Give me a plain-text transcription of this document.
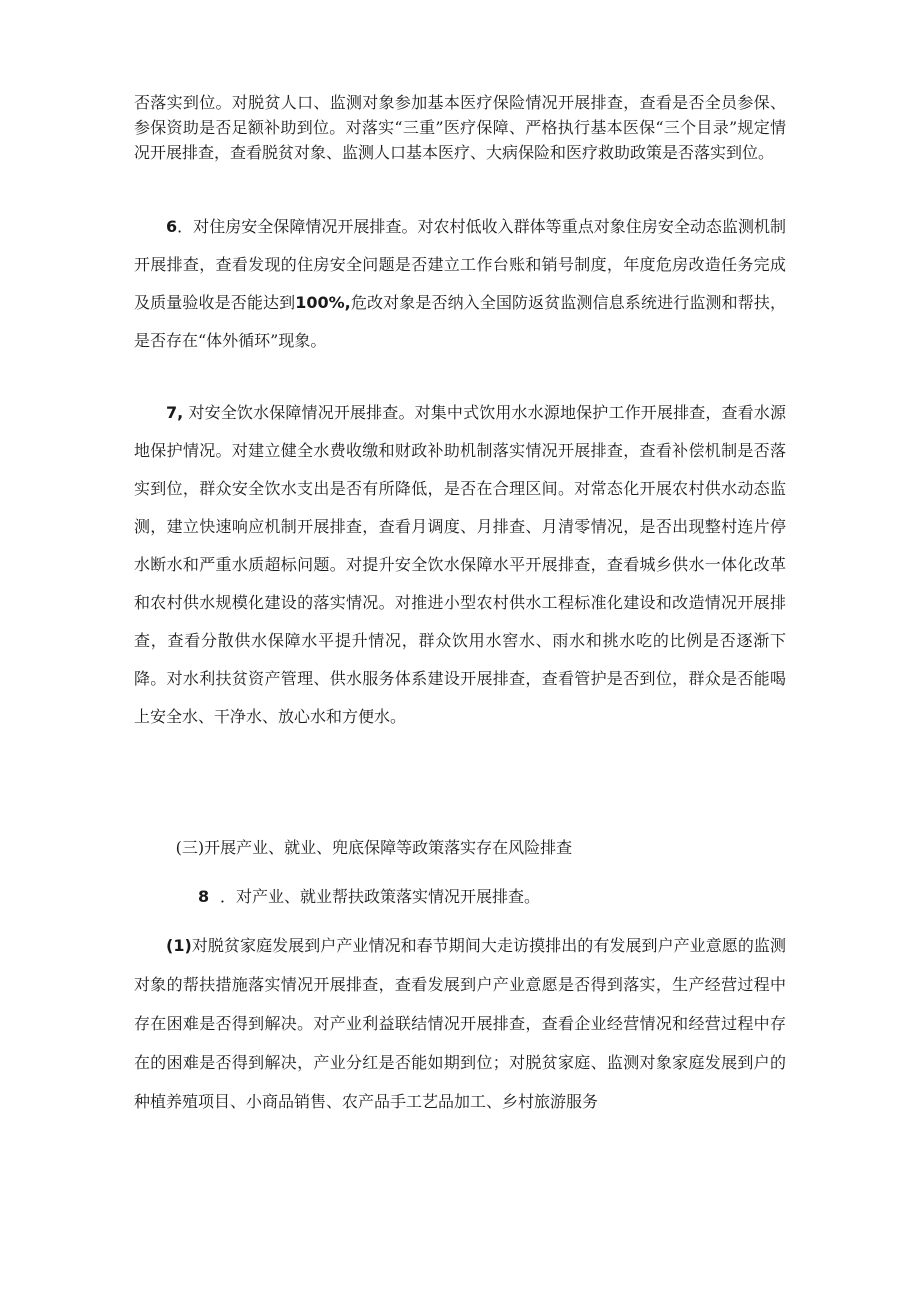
否落实到位。对脱贫人口、监测对象参加基本医疗保险情况开展排查，查看是否全员参保、参保资助是否足额补助到位。对落实“三重”医疗保障、严格执行基本医保“三个目录”规定情况开展排查，查看脱贫对象、监测人口基本医疗、大病保险和医疗救助政策是否落实到位。

6．对住房安全保障情况开展排查。对农村低收入群体等重点对象住房安全动态监测机制开展排查，查看发现的住房安全问题是否建立工作台账和销号制度，年度危房改造任务完成及质量验收是否能达到100%,危改对象是否纳入全国防返贫监测信息系统进行监测和帮扶，是否存在“体外循环”现象。

7, 对安全饮水保障情况开展排查。对集中式饮用水水源地保护工作开展排查，查看水源地保护情况。对建立健全水费收缴和财政补助机制落实情况开展排查，查看补偿机制是否落实到位，群众安全饮水支出是否有所降低，是否在合理区间。对常态化开展农村供水动态监测，建立快速响应机制开展排查，查看月调度、月排查、月清零情况，是否出现整村连片停水断水和严重水质超标问题。对提升安全饮水保障水平开展排查，查看城乡供水一体化改革和农村供水规模化建设的落实情况。对推进小型农村供水工程标准化建设和改造情况开展排查，查看分散供水保障水平提升情况，群众饮用水窖水、雨水和挑水吃的比例是否逐渐下降。对水利扶贫资产管理、供水服务体系建设开展排查，查看管护是否到位，群众是否能喝上安全水、干净水、放心水和方便水。

(三)开展产业、就业、兜底保障等政策落实存在风险排查

8 ．对产业、就业帮扶政策落实情况开展排查。

(1)对脱贫家庭发展到户产业情况和春节期间大走访摸排出的有发展到户产业意愿的监测对象的帮扶措施落实情况开展排查，查看发展到户产业意愿是否得到落实，生产经营过程中存在困难是否得到解决。对产业利益联结情况开展排查，查看企业经营情况和经营过程中存在的困难是否得到解决，产业分红是否能如期到位；对脱贫家庭、监测对象家庭发展到户的种植养殖项目、小商品销售、农产品手工艺品加工、乡村旅游服务
